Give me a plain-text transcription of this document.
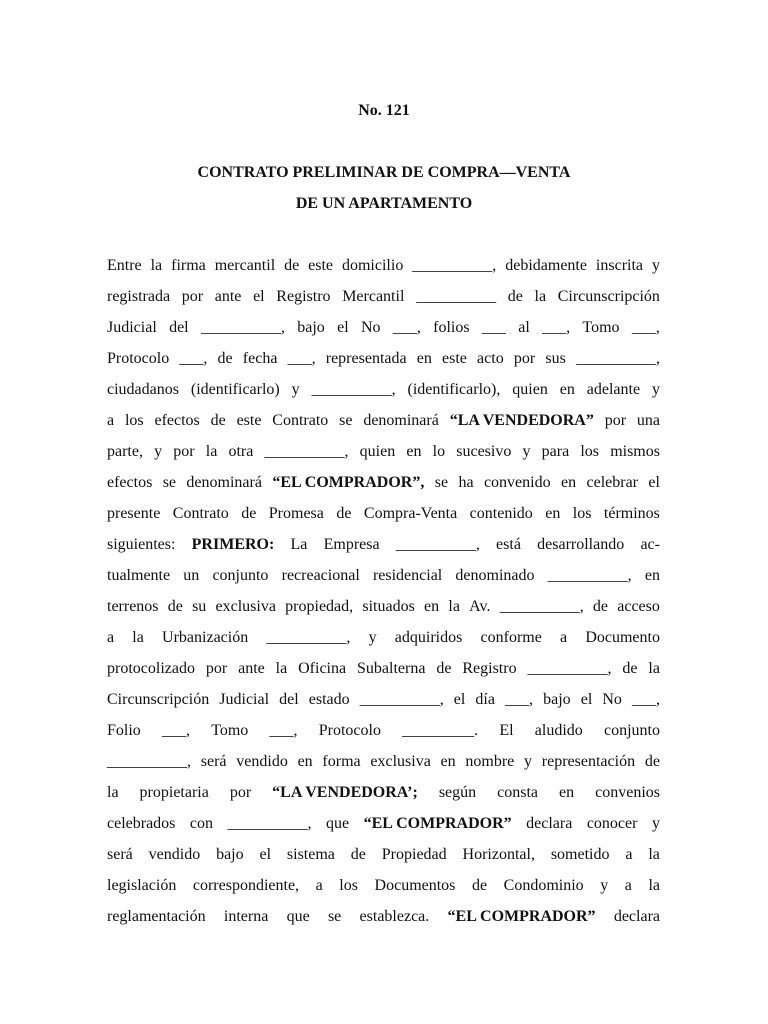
No. 121
CONTRATO PRELIMINAR DE COMPRA—VENTA
DE UN APARTAMENTO
Entre la firma mercantil de este domicilio __________, debidamente inscrita y
registrada por ante el Registro Mercantil __________ de la Circunscripción
Judicial del __________, bajo el No ___, folios ___ al ___, Tomo ___,
Protocolo ___, de fecha ___, representada en este acto por sus __________,
ciudadanos (identificarlo) y __________, (identificarlo), quien en adelante y
a los efectos de este Contrato se denominará “LA VENDEDORA” por una
parte, y por la otra __________, quien en lo sucesivo y para los mismos
efectos se denominará “EL COMPRADOR”, se ha convenido en celebrar el
presente Contrato de Promesa de Compra-Venta contenido en los términos
siguientes: PRIMERO: La Empresa __________, está desarrollando ac-
tualmente un conjunto recreacional residencial denominado __________, en
terrenos de su exclusiva propiedad, situados en la Av. __________, de acceso
a la Urbanización __________, y adquiridos conforme a Documento
protocolizado por ante la Oficina Subalterna de Registro __________, de la
Circunscripción Judicial del estado __________, el día ___, bajo el No ___,
Folio ___, Tomo ___, Protocolo _________. El aludido conjunto
__________, será vendido en forma exclusiva en nombre y representación de
la propietaria por “LA VENDEDORA’; según consta en convenios
celebrados con __________, que “EL COMPRADOR” declara conocer y
será vendido bajo el sistema de Propiedad Horizontal, sometido a la
legislación correspondiente, a los Documentos de Condominio y a la
reglamentación interna que se establezca. “EL COMPRADOR” declara
